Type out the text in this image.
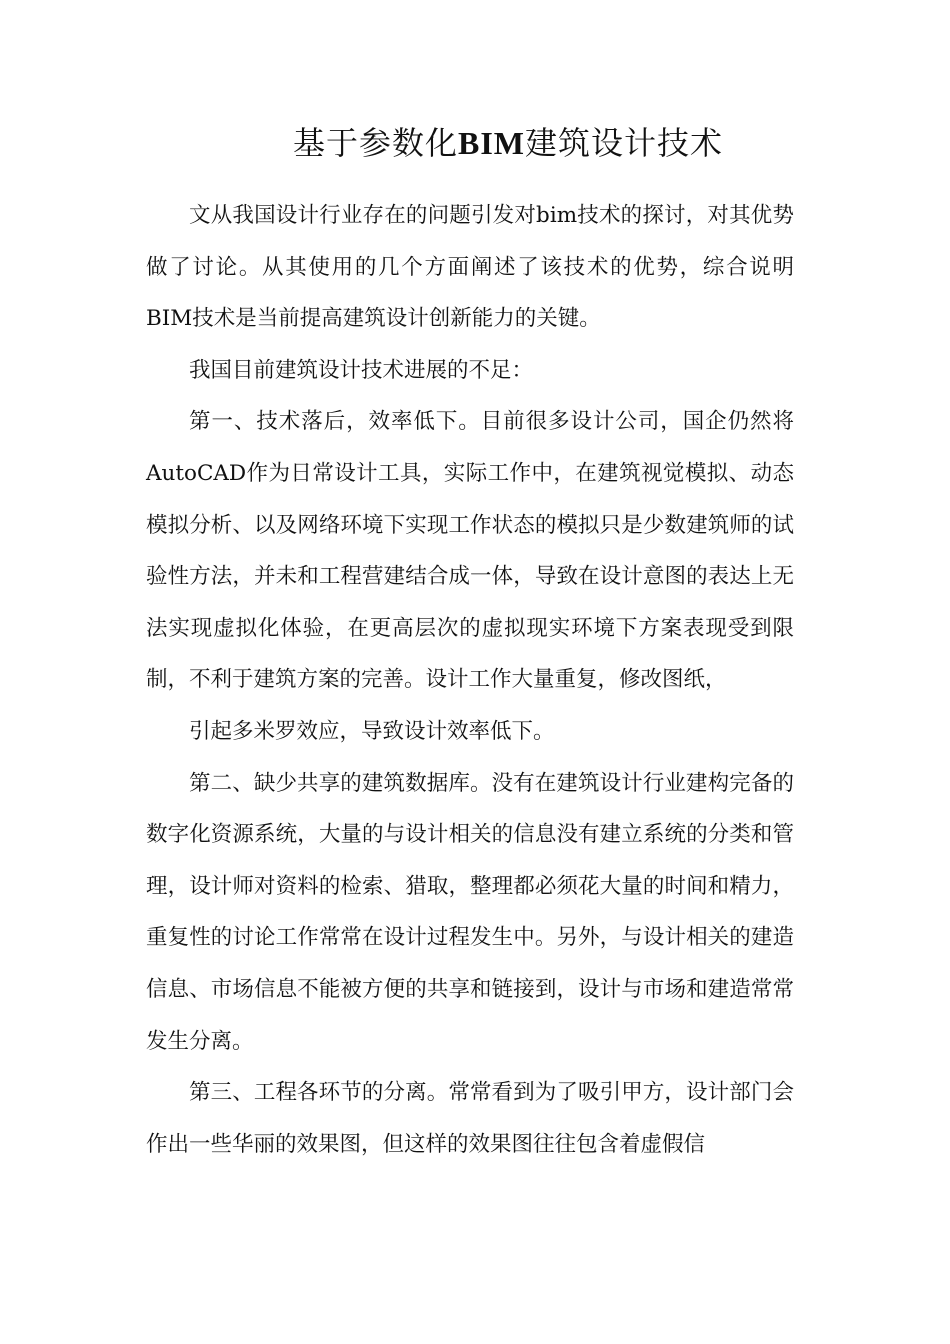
基于参数化BIM建筑设计技术

文从我国设计行业存在的问题引发对bim技术的探讨，对其优势做了讨论。从其使用的几个方面阐述了该技术的优势，综合说明BIM技术是当前提高建筑设计创新能力的关键。

我国目前建筑设计技术进展的不足：

第一、技术落后，效率低下。目前很多设计公司，国企仍然将AutoCAD作为日常设计工具，实际工作中，在建筑视觉模拟、动态模拟分析、以及网络环境下实现工作状态的模拟只是少数建筑师的试验性方法，并未和工程营建结合成一体，导致在设计意图的表达上无法实现虚拟化体验，在更高层次的虚拟现实环境下方案表现受到限制，不利于建筑方案的完善。设计工作大量重复，修改图纸，

引起多米罗效应，导致设计效率低下。

第二、缺少共享的建筑数据库。没有在建筑设计行业建构完备的数字化资源系统，大量的与设计相关的信息没有建立系统的分类和管理，设计师对资料的检索、猎取，整理都必须花大量的时间和精力，重复性的讨论工作常常在设计过程发生中。另外，与设计相关的建造信息、市场信息不能被方便的共享和链接到，设计与市场和建造常常发生分离。

第三、工程各环节的分离。常常看到为了吸引甲方，设计部门会作出一些华丽的效果图，但这样的效果图往往包含着虚假信
